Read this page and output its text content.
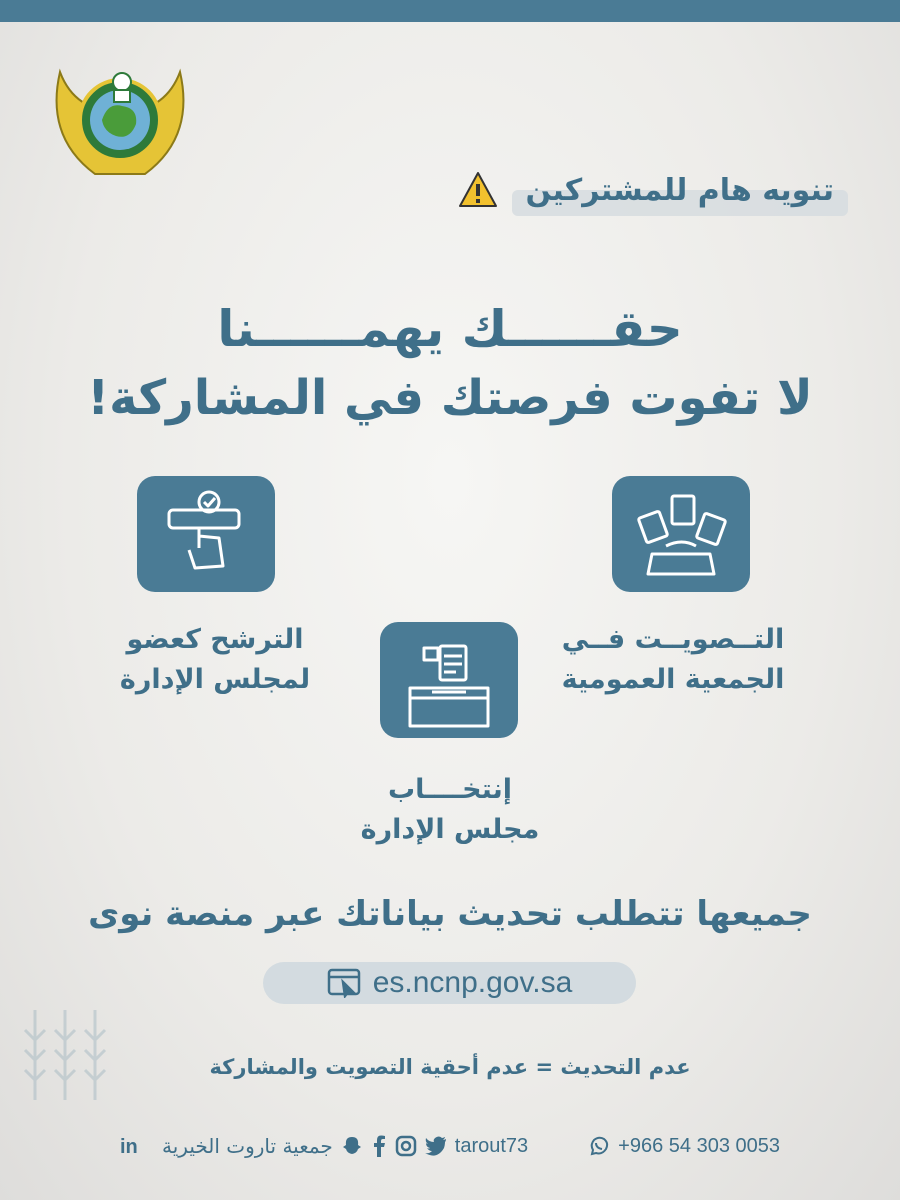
تنويه هام للمشتركين
حقــــــك يهمــــــنا
لا تفوت فرصتك في المشاركة!
التــصويــت فــي
الجمعية العمومية
الترشح كعضو
لمجلس الإدارة
إنتخــــاب
مجلس الإدارة
جميعها تتطلب تحديث بياناتك عبر منصة نوى
es.ncnp.gov.sa
عدم التحديث = عدم أحقية التصويت والمشاركة
in جمعية تاروت الخيرية	tarout73	+966 54 303 0053
